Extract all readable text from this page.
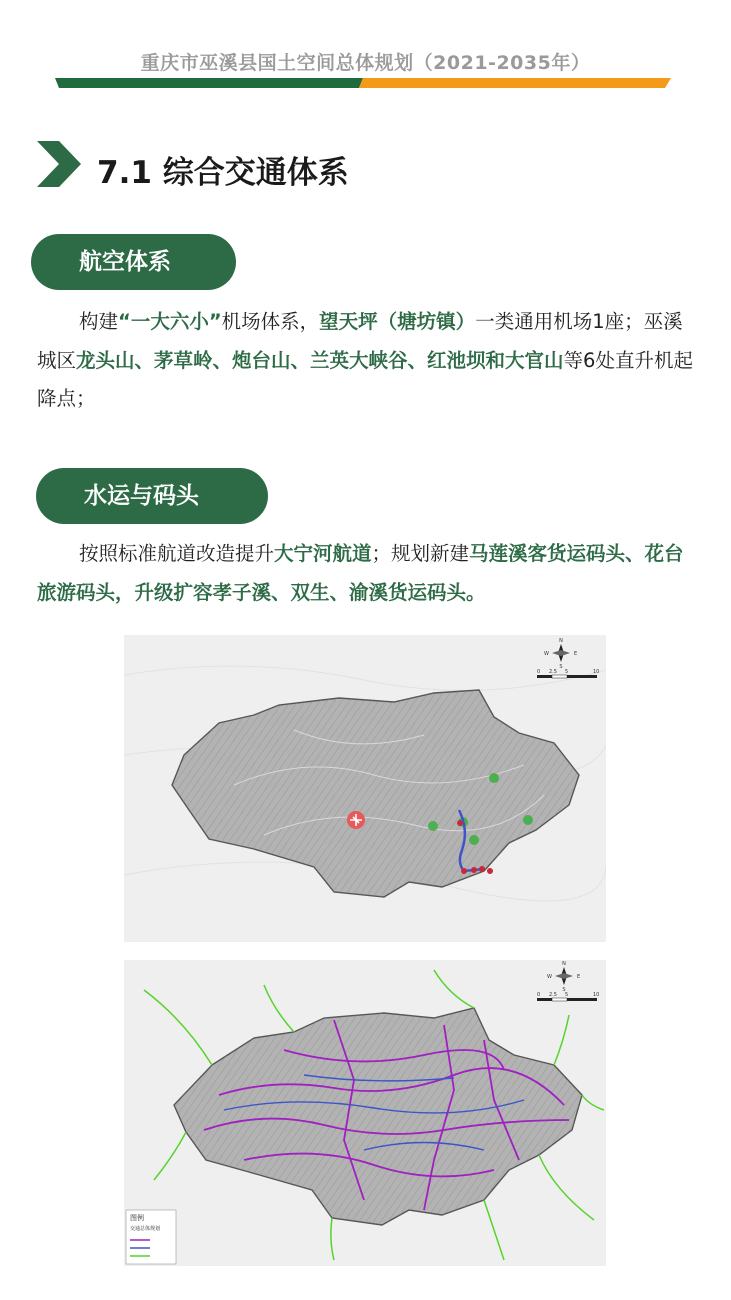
重庆市巫溪县国土空间总体规划（2021-2035年）
7.1 综合交通体系
航空体系
构建“一大六小”机场体系，望天坪（塘坊镇）一类通用机场1座；巫溪城区龙头山、茅草岭、炮台山、兰英大峡谷、红池坝和大官山等6处直升机起降点；
水运与码头
按照标准航道改造提升大宁河航道；规划新建马莲溪客货运码头、花台旅游码头，升级扩容孝子溪、双生、渝溪货运码头。
N
S
E
W
0 2.5 5	10
N
S
E
W
0 2.5 5	10
图例
交通总体规划
